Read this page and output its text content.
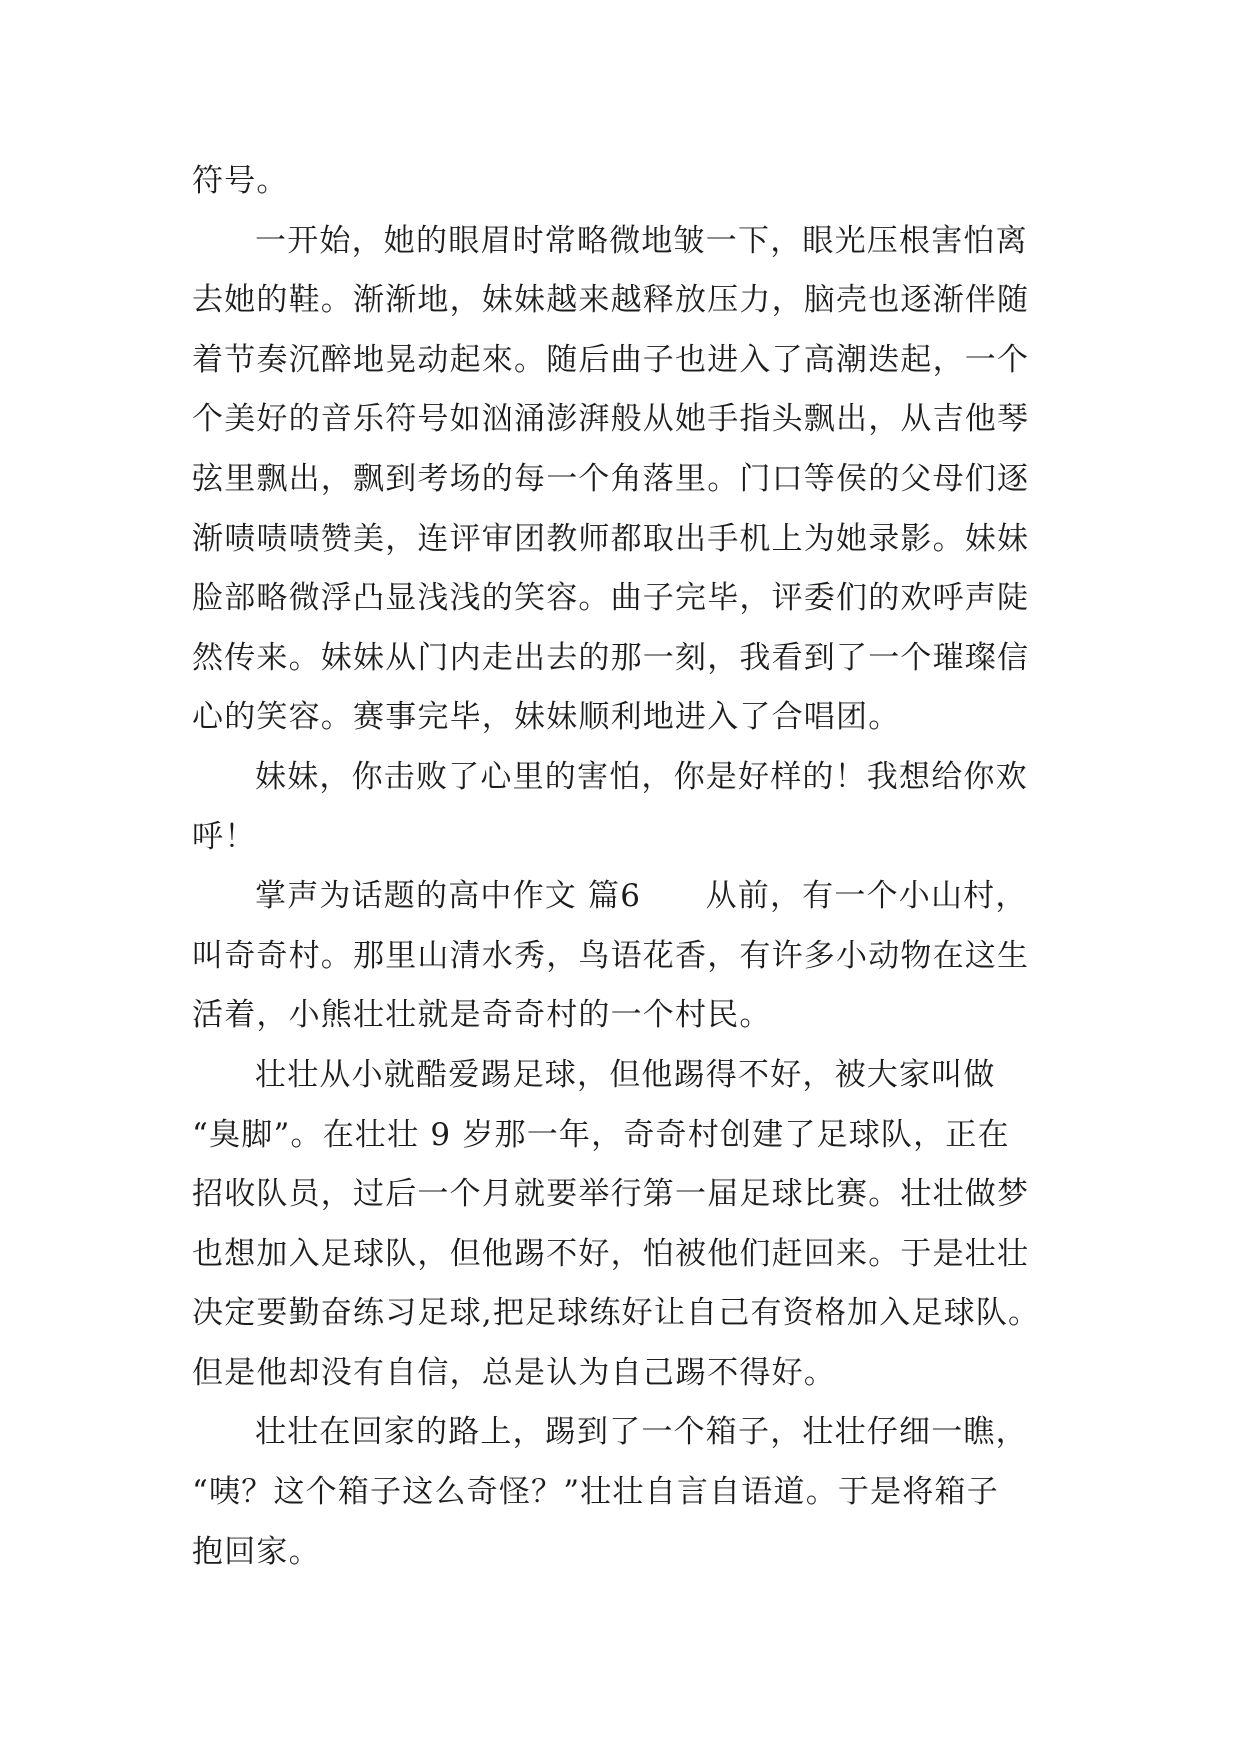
符号。
一开始，她的眼眉时常略微地皱一下，眼光压根害怕离
去她的鞋。渐渐地，妹妹越来越释放压力，脑壳也逐渐伴随
着节奏沉醉地晃动起來。随后曲子也进入了高潮迭起，一个
个美好的音乐符号如汹涌澎湃般从她手指头飘出，从吉他琴
弦里飘出，飘到考场的每一个角落里。门口等侯的父母们逐
渐啧啧啧赞美，连评审团教师都取出手机上为她录影。妹妹
脸部略微浮凸显浅浅的笑容。曲子完毕，评委们的欢呼声陡
然传来。妹妹从门内走出去的那一刻，我看到了一个璀璨信
心的笑容。赛事完毕，妹妹顺利地进入了合唱团。
妹妹，你击败了心里的害怕，你是好样的！我想给你欢
呼！
掌声为话题的高中作文 篇6　　从前，有一个小山村，
叫奇奇村。那里山清水秀，鸟语花香，有许多小动物在这生
活着，小熊壮壮就是奇奇村的一个村民。
壮壮从小就酷爱踢足球，但他踢得不好，被大家叫做
“臭脚”。在壮壮 9 岁那一年，奇奇村创建了足球队，正在
招收队员，过后一个月就要举行第一届足球比赛。壮壮做梦
也想加入足球队，但他踢不好，怕被他们赶回来。于是壮壮
决定要勤奋练习足球,把足球练好让自己有资格加入足球队。
但是他却没有自信，总是认为自己踢不得好。
壮壮在回家的路上，踢到了一个箱子，壮壮仔细一瞧，
“咦？这个箱子这么奇怪？”壮壮自言自语道。于是将箱子
抱回家。
